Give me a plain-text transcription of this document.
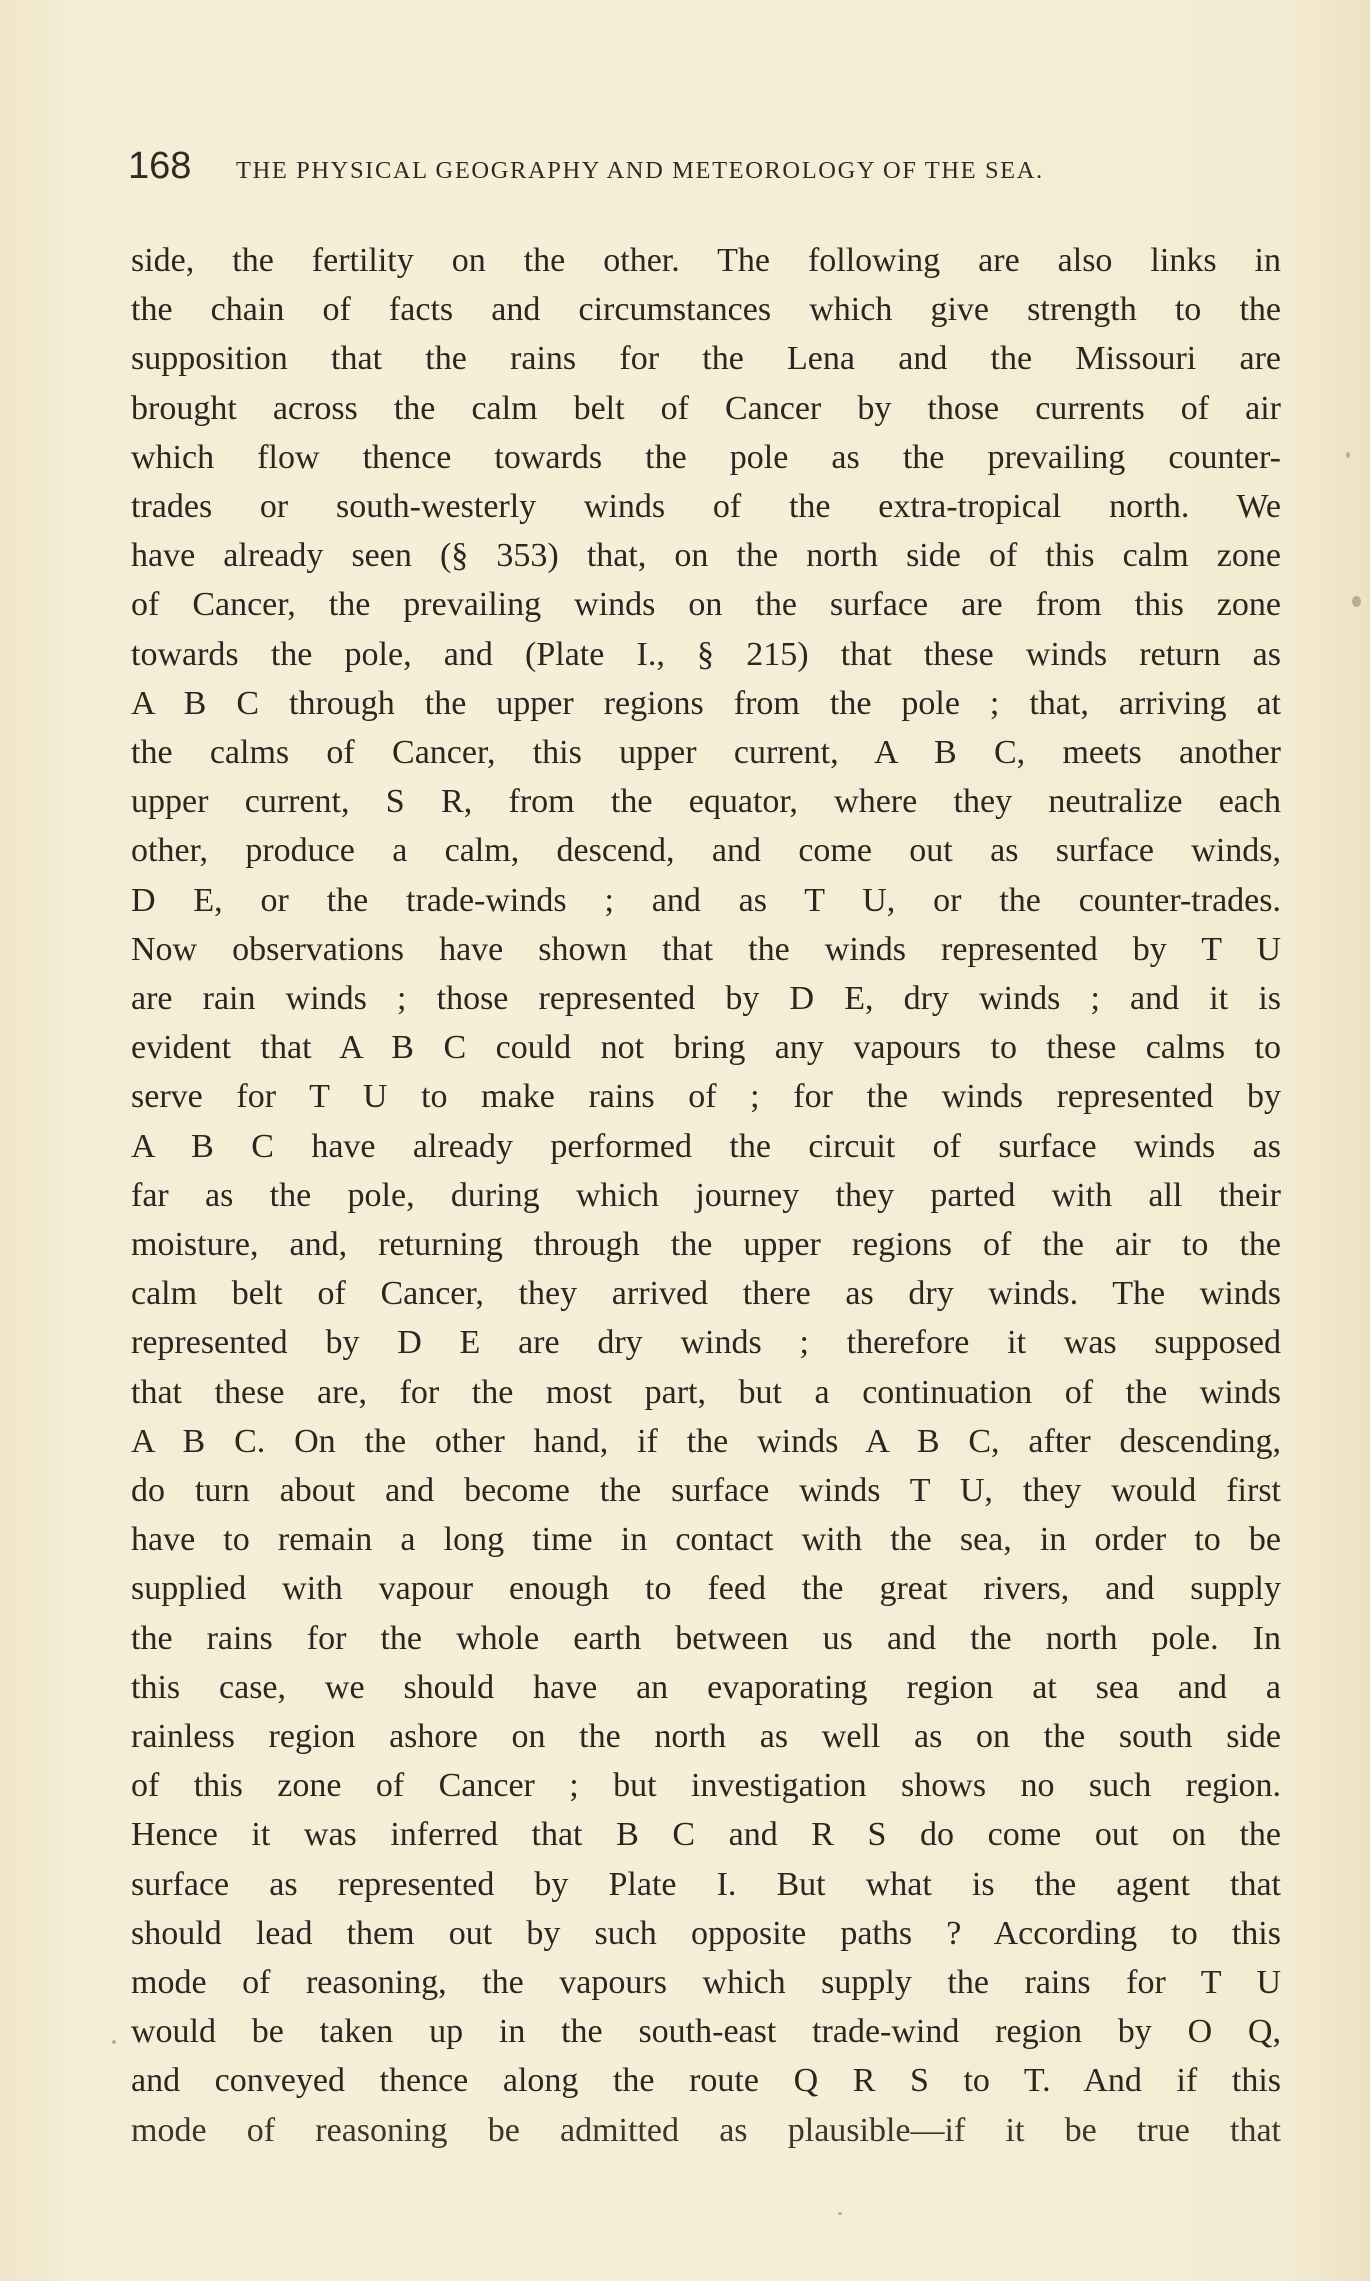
168 THE PHYSICAL GEOGRAPHY AND METEOROLOGY OF THE SEA.
side, the fertility on the other. The following are also links in
the chain of facts and circumstances which give strength to the
supposition that the rains for the Lena and the Missouri are
brought across the calm belt of Cancer by those currents of air
which flow thence towards the pole as the prevailing counter-
trades or south-westerly winds of the extra-tropical north. We
have already seen (§ 353) that, on the north side of this calm zone
of Cancer, the prevailing winds on the surface are from this zone
towards the pole, and (Plate I., § 215) that these winds return as
A B C through the upper regions from the pole ; that, arriving at
the calms of Cancer, this upper current, A B C, meets another
upper current, S R, from the equator, where they neutralize each
other, produce a calm, descend, and come out as surface winds,
D E, or the trade-winds ; and as T U, or the counter-trades.
Now observations have shown that the winds represented by T U
are rain winds ; those represented by D E, dry winds ; and it is
evident that A B C could not bring any vapours to these calms to
serve for T U to make rains of ; for the winds represented by
A B C have already performed the circuit of surface winds as
far as the pole, during which journey they parted with all their
moisture, and, returning through the upper regions of the air to the
calm belt of Cancer, they arrived there as dry winds. The winds
represented by D E are dry winds ; therefore it was supposed
that these are, for the most part, but a continuation of the winds
A B C. On the other hand, if the winds A B C, after descending,
do turn about and become the surface winds T U, they would first
have to remain a long time in contact with the sea, in order to be
supplied with vapour enough to feed the great rivers, and supply
the rains for the whole earth between us and the north pole. In
this case, we should have an evaporating region at sea and a
rainless region ashore on the north as well as on the south side
of this zone of Cancer ; but investigation shows no such region.
Hence it was inferred that B C and R S do come out on the
surface as represented by Plate I. But what is the agent that
should lead them out by such opposite paths ? According to this
mode of reasoning, the vapours which supply the rains for T U
would be taken up in the south-east trade-wind region by O Q,
and conveyed thence along the route Q R S to T. And if this
mode of reasoning be admitted as plausible—if it be true that
